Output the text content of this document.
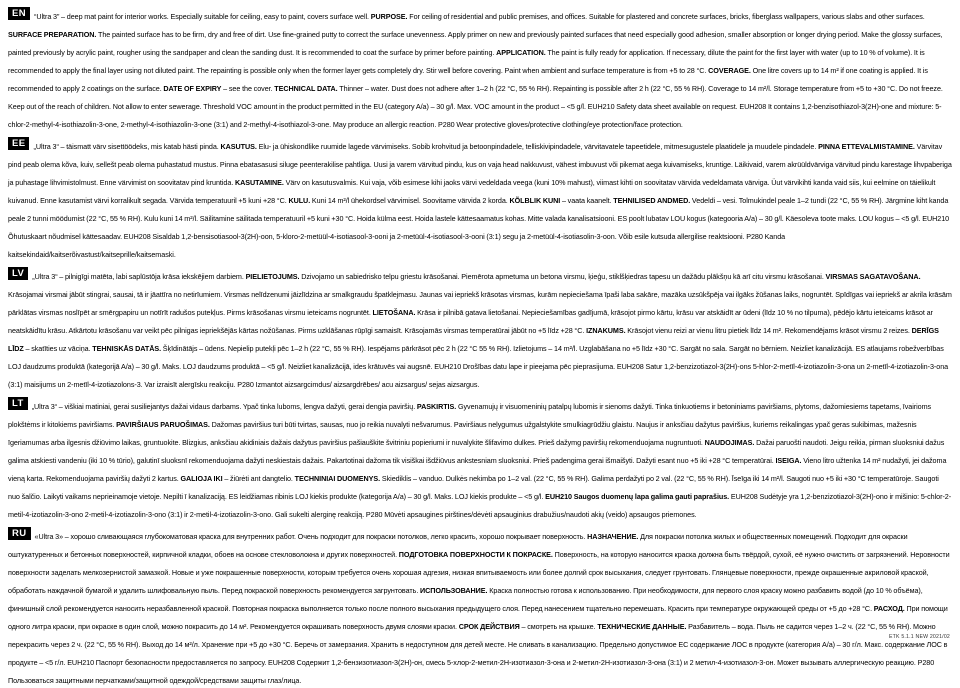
EN “Ultra 3” – deep mat paint for interior works. Especially suitable for ceiling, easy to paint, covers surface well. PURPOSE. For ceiling of residential and public premises, and offices. Suitable for plastered and concrete surfaces, bricks, fiberglass wallpapers, various slabs and other surfaces. SURFACE PREPARATION. The painted surface has to be firm, dry and free of dirt. Use fine-grained putty to correct the surface unevenness. Apply primer on new and previously painted surfaces that need especially good adhesion, smaller absorption or longer drying period. Make the glossy surfaces, painted previously by acrylic paint, rougher using the sandpaper and clean the sanding dust. It is recommended to coat the surface by primer before painting. APPLICATION. The paint is fully ready for application. If necessary, dilute the paint for the first layer with water (up to 10 % of volume). It is recommended to apply the final layer using not diluted paint. The repainting is possible only when the former layer gets completely dry. Stir well before covering. Paint when ambient and surface temperature is from +5 to 28 °C. COVERAGE. One litre covers up to 14 m² if one coating is applied. It is recommended to apply 2 coatings on the surface. DATE OF EXPIRY – see the cover. TECHNICAL DATA. Thinner – water. Dust does not adhere after 1–2 h (22 °C, 55 % RH). Repainting is possible after 2 h (22 °C, 55 % RH). Coverage to 14 m²/l. Storage temperature from +5 to +30 °C. Do not freeze. Keep out of the reach of children. Not allow to enter sewerage. Threshold VOC amount in the product permitted in the EU (category A/a) – 30 g/l. Max. VOC amount in the product – <5 g/l. EUH210 Safety data sheet available on request. EUH208 It contains 1,2-benzisothiazol-3(2H)-one and mixture: 5-chlor-2-methyl-4-isothiazolin-3-one, 2-methyl-4-isothiazolin-3-one (3:1) and 2-methyl-4-isothiazol-3-one. May produce an allergic reaction. P280 Wear protective gloves/protective clothing/eye protection/face protection.
EE „Ultra 3“ – täismatt värv sisettöödeks, mis katab hästi pinda. KASUTUS. Elu- ja ühiskondlike ruumide lagede värvimiseks. Sobib krohvitud ja betoonpindadele, telliskivipindadele, värvitavatele tapeetidele, mitmesugustele plaatidele ja muudele pindadele. PINNA ETTEVALMISTAMINE. Värvitav pind peab olema kõva, kuiv, sellešt peab olema puhastatud mustus. Pinna ebatasasusi siluge peenterakilise pahtliga. Uusi ja varem värvitud pindu, kus on vaja head nakkuvust, vähest imbuvust või pikemat aega kuivamiseks, kruntige. Läikivaid, varem akrüüldvärviga värvitud pindu karestage lihvpaberiga ja puhastage lihvimistolmust. Enne värvimist on soovitatav pind kruntida. KASUTAMINE. Värv on kasutusvalmis. Kui vaja, võib esimese kihi jaoks värvi vedeldada veega (kuni 10% mahust), viimast kihti on soovitatav värvida vedeldamata värviga. Üut värvikihti kanda vaid siis, kui eelmine on täielikult kuivanud. Enne kasutamist värvi korralikult segada. Värvida temperatuuril +5 kuni +28 °C. KULU. Kuni 14 m²/l ühekordsel värvimisel. Soovitame värvida 2 korda. KÕLBLIK KUNI – vaata kaanelt. TEHNILISED ANDMED. Vedeldi – vesi. Tolmukindel peale 1–2 tundi (22 °C, 55 % RH). Järgmine kiht kanda peale 2 tunni möödumist (22 °C, 55 % RH). Kulu kuni 14 m²/l. Säilitamine säilitada temperatuuril +5 kuni +30 °C. Hoida külma eest. Hoida lastele kättesaamatus kohas. Mitte valada kanalisatsiooni. ES poolt lubatav LOU kogus (kategooria A/a) – 30 g/l. Käesoleva toote maks. LOU kogus – <5 g/l. EUH210 Õhutuskaart nõudmisel kättesaadav. EUH208 Sisaldab 1,2-bensisotiasool-3(2H)-oon, 5-kloro-2-metüül-4-isotiasool-3-ooni ja 2-metüül-4-isotiasool-3-ooni (3:1) segu ja 2-metüül-4-isotiasolin-3-oon. Võib esile kutsuda allergilise reaktsiooni. P280 Kanda kaitsekindaid/kaitserõivastust/kaitseprille/kaitsemaski.
LV „Ultra 3“ – pilnigīgi matēta, labi saplūstōja krāsa iekskējiem darbiem. PIELIETOJUMS. Dzivojamo un sabiedrisko telpu griestu krāsošanai. Piemērota apmetuma un betona virsmu, ķieģu, stiklšķiedras tapesu un dažādu plākšņu kā arī citu virsmu krāsošanai. VIRSMAS SAGATAVOŠANA. Krāsojamai virsmai jābūt stingrai, sausai, tā ir jāattīra no netirīumiem. Virsmas nelīdzenumi jāizlīdzina ar smalkgraudu špatklejmasu. Jaunas vai iepriekš krāsotas virsmas, kurām nepieciešama īpaši laba sakāre, mazāka uzsūkšpēja vai ilgāks žūšanas laiks, nogruntēt. Spīdīgas vai iepriekš ar akrila krāsām pārklātas virsmas noslīpēt ar smērgpapiru un notīrīt radušos putekļus. Pirms krāsošanas virsmu ieteicams nogruntēt. LIETOŠANA. Krāsa ir pilnibā gatava lietošanai. Nepieciešamības gadījumā, krāsojot pirmo kārtu, krāsu var atskāidīt ar ūdeni (līdz 10 % no tilpuma), pēdējo kārtu ieteicams krāsot ar neatskāidītu krāsu. Atkārtotu krāsošanu var veikt pēc pilnigas iepriekšējās kārtas nožūšanas. Pirms uzklāšanas rūpīgi samaisīt. Krāsojamās virsmas temperatūrai jābūt no +5 līdz +28 °C. IZNAKUMS. Krāsojot vienu reizi ar vienu litru pietiek līdz 14 m². Rekomendējams krāsot virsmu 2 reizes. DERĪGS LĪDZ – skatīties uz vāciņa. TEHNISKĀS DATĀS. Šķīdinātājs – ūdens. Nepielip putekļi pēc 1–2 h (22 °C, 55 % RH). Iespējams pārkrāsot pēc 2 h (22 °C 55 % RH). Izlietojums – 14 m²/l. Uzglabāšana no +5 līdz +30 °C. Sargāt no sala. Sargāt no bērniem. Neizliet kanalizācijā. ES atlaujams robežverbības LOJ daudzums produktā (kategorijā A/a) – 30 g/l. Maks. LOJ daudzums produktā – <5 g/l. Neizliet kanalizācijā, ides krātuvēs vai augsnē. EUH210 Drošības datu lape ir pieejama pēc pieprasijuma. EUH208 Satur 1,2-benzizotiazol-3(2H)-ons 5-hlor-2-metīl-4-izotiazolin-3-ona un 2-metīl-4-izotiazolin-3-ona (3:1) maisijums un 2-metīl-4-izotiazolons-3. Var izraisīt alergīsku reakciju. P280 Izmantot aizsargcimdus/ aizsargdrēbes/ acu aizsargus/ sejas aizsargus.
LT „Ultra 3“ – viškiai matiniai, gerai susiliejantys dažai vidaus darbams. Ypač tinka luboms, lengva dažyti, gerai dengia paviršių. PASKIRTIS. Gyvenamujų ir visuomeninių patalpų lubomis ir sienoms dažyti. Tinka tinkuotiems ir betoniniams paviršiams, plytoms, dažomiesiems tapetams, īvairioms plokštėms ir kitokiems paviršiams. PAVIRŠIAUS PARUOŠIMAS. Dažomas paviršius turi būti tvirtas, sausas, nuo jo reikia nuvalyti nešvarumus. Paviršiaus nelygumus užgalstykite smulkiagrūdžiu glaistu. Naujus ir anksčiau dažytus paviršius, kuriems reikalingas ypač geras sukibimas, mažesnis īgeriamumas arba ilgesnis džiūvimo laikas, gruntuokite. Blizgius, anksčiau akidiniais dažais dažytus paviršius pašiauškite švitriniu popieriumi ir nuvalykite šlifavimo dulkes. Prieš dažymg paviršių rekomenduojama nugruntuoti. NAUDOJIMAS. Dažai paruošti naudoti. Jeigu reikia, pirman sluoksniui dažus galima atskiesti vandeniu (iki 10 % tūrio), galutinī sluoksnī rekomenduojama dažyti neskiestais dažais. Pakartotinai dažoma tik visiškai išdžiūvus ankstesniam sluoksniui. Prieš padengima gerai išmaišyti. Dažyti esant nuo +5 iki +28 °C temperatūrai. ISEIGA. Vieno litro užtenka 14 m² nudažyti, jei dažoma vieną karta. Rekomenduojama paviršių dažyti 2 kartus. GALIOJA IKI – žiūrėti ant dangtelio. TECHNINIAI DUOMENYS. Skiediklis – vanduo. Dulkės nekimba po 1–2 val. (22 °C, 55 % RH). Galima perdažyti po 2 val. (22 °C, 55 % RH). Īseīga iki 14 m²/l. Saugoti nuo +5 iki +30 °C temperatūroje. Saugoti nuo šalčio. Laikyti vaikams neprieinamoje vietoje. Nepilti ī kanalizaciją. ES leidžiamas ribinis LOJ kiekis produkte (kategorija A/a) – 30 g/l. Maks. LOJ kiekis produkte – <5 g/l. EUH210 Saugos duomenų lapa galima gauti paprašius. EUH208 Sudėtyje yra 1,2-benzizotiazol-3(2H)-ono ir mišinio: 5-chlor-2-metil-4-izotiazolin-3-ono 2-metil-4-izotiazolin-3-ono (3:1) ir 2-metil-4-izotiazolin-3-ono. Gali sukelti alerginę reakciją. P280 Mūvėti apsaugines pirštines/dėvėti apsauginius drabužius/naudoti akių (veido) apsaugos priemones.
RU «Ultra 3» – хорошо сливающаяся глубокоматовая краска для внутренних работ. Очень подходит для покраски потолков, легко красить, хорошо покрывает поверхность. НАЗНАЧЕНИЕ. Для покраски потолка жилых и общественных помещений. Подходит для окраски оштукатуренных и бетонных поверхностей, кирпичной кладки, обоев на основе стекловолокна и других поверхностей. ПОДГОТОВКА ПОВЕРХНОСТИ К ПОКРАСКЕ. Поверхность, на которую наносится краска должна быть твёрдой, сухой, её нужно очистить от загрязнений. Неровности поверхности заделать мелкозернистой замазкой. Новые и уже покрашенные поверхности, которым требуется очень хорошая адгезия, низкая впитываемость или более долгий срок высыхания, следует грунтовать. Глянцевые поверхности, прежде окрашенные акриловой краской, обработать наждачной бумагой и удалить шлифовальную пыль. Перед покраской поверхность рекомендуется загрунтовать. ИСПОЛЬЗОВАНИЕ. Краска полностью готова к использованию. При необходимости, для первого слоя краску можно разбавить водой (до 10 % объёма), финишный слой рекомендуется наносить неразбавленной краской. Повторная покраска выполняется только после полного высыхания предыдущего слоя. Перед нанесением тщательно перемешать. Красить при температуре окружающей среды от +5 до +28 °C. РАСХОД. При помощи одного литра краски, при окраске в один слой, можно покрасить до 14 м². Рекомендуется окрашивать поверхность двумя слоями краски. СРОК ДЕЙСТВИЯ – смотреть на крышке. ТЕХНИЧЕСКИЕ ДАННЫЕ. Разбавитель – вода. Пыль не садится через 1–2 ч. (22 °C, 55 % RH). Можно перекрасить через 2 ч. (22 °C, 55 % RH). Выход до 14 м²/л. Хранение при +5 до +30 °C. Беречь от замерзания. Хранить в недоступном для детей месте. Не сливать в канализацию. Предельно допустимое ЕС содержание ЛОС в продукте (категория A/a) – 30 г/л. Макс. содержание ЛОС в продукте – <5 г/л. EUH210 Паспорт безопасности предоставляется по запросу. EUH208 Содержит 1,2-бензизотиазол-3(2H)-он, смесь 5-хлор-2-метил-2Н-изотиазол-3-она и 2-метил-2Н-изотиазол-3-она (3:1) и 2 метил-4-изотиазол-3-он. Может вызывать аллергическую реакцию. P280 Пользоваться защитными перчатками/защитной одеждой/средствами защиты глаз/лица.
ETK 5.1.1 NEW 2021/02
